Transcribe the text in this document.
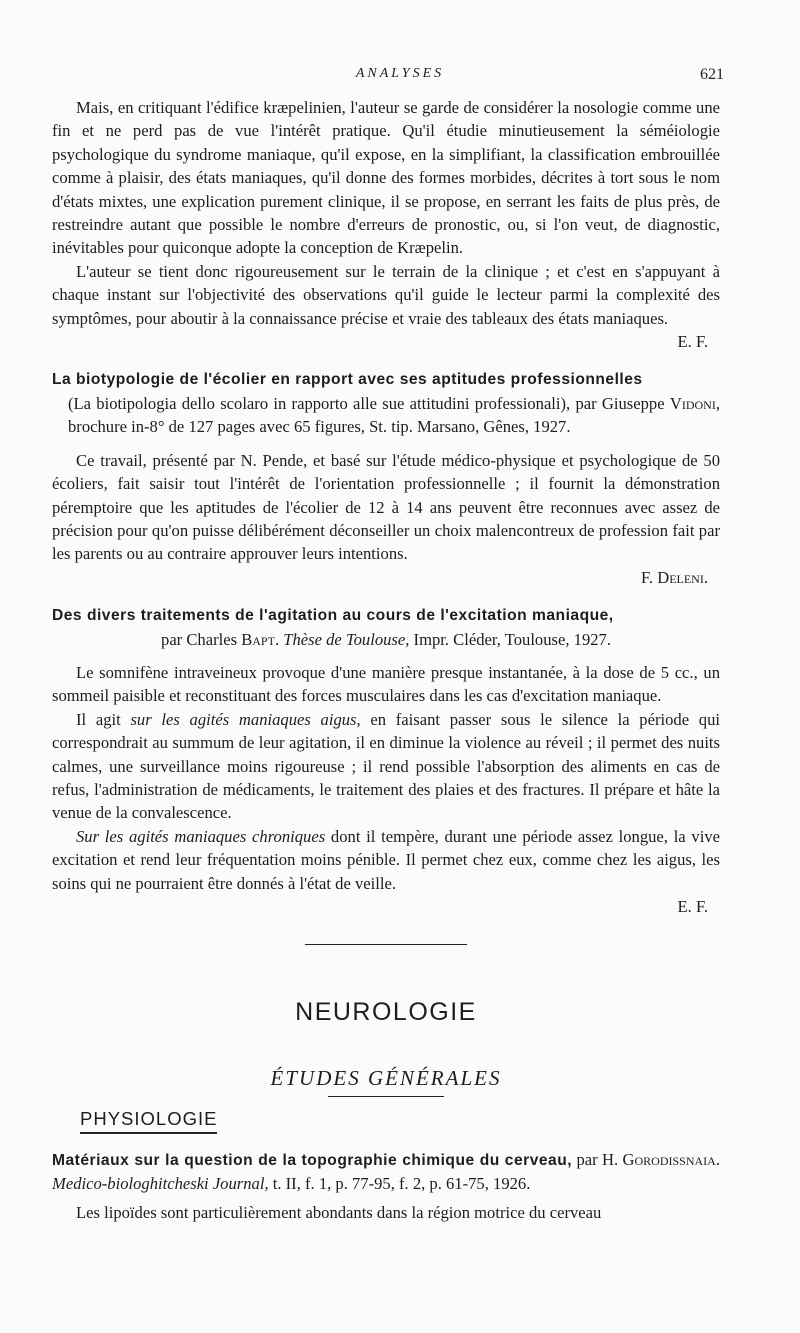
ANALYSES	621

Mais, en critiquant l'édifice kræpelinien, l'auteur se garde de considérer la nosologie comme une fin et ne perd pas de vue l'intérêt pratique. Qu'il étudie minutieusement la séméiologie psychologique du syndrome maniaque, qu'il expose, en la simplifiant, la classification embrouillée comme à plaisir, des états maniaques, qu'il donne des formes morbides, décrites à tort sous le nom d'états mixtes, une explication purement clinique, il se propose, en serrant les faits de plus près, de restreindre autant que possible le nombre d'erreurs de pronostic, ou, si l'on veut, de diagnostic, inévitables pour quiconque adopte la conception de Kræpelin.

L'auteur se tient donc rigoureusement sur le terrain de la clinique ; et c'est en s'appuyant à chaque instant sur l'objectivité des observations qu'il guide le lecteur parmi la complexité des symptômes, pour aboutir à la connaissance précise et vraie des tableaux des états maniaques.

E. F.

La biotypologie de l'écolier en rapport avec ses aptitudes professionnelles

(La biotipologia dello scolaro in rapporto alle sue attitudini professionali), par Giuseppe Vidoni, brochure in-8° de 127 pages avec 65 figures, St. tip. Marsano, Gênes, 1927.

Ce travail, présenté par N. Pende, et basé sur l'étude médico-physique et psychologique de 50 écoliers, fait saisir tout l'intérêt de l'orientation professionnelle ; il fournit la démonstration péremptoire que les aptitudes de l'écolier de 12 à 14 ans peuvent être reconnues avec assez de précision pour qu'on puisse délibérément déconseiller un choix malencontreux de profession fait par les parents ou au contraire approuver leurs intentions.

F. Deleni.

Des divers traitements de l'agitation au cours de l'excitation maniaque,

par Charles Bapt. Thèse de Toulouse, Impr. Cléder, Toulouse, 1927.

Le somnifène intraveineux provoque d'une manière presque instantanée, à la dose de 5 cc., un sommeil paisible et reconstituant des forces musculaires dans les cas d'excitation maniaque.

Il agit sur les agités maniaques aigus, en faisant passer sous le silence la période qui correspondrait au summum de leur agitation, il en diminue la violence au réveil ; il permet des nuits calmes, une surveillance moins rigoureuse ; il rend possible l'absorption des aliments en cas de refus, l'administration de médicaments, le traitement des plaies et des fractures. Il prépare et hâte la venue de la convalescence.

Sur les agités maniaques chroniques dont il tempère, durant une période assez longue, la vive excitation et rend leur fréquentation moins pénible. Il permet chez eux, comme chez les aigus, les soins qui ne pourraient être donnés à l'état de veille.

E. F.

NEUROLOGIE
ÉTUDES GÉNÉRALES
PHYSIOLOGIE

Matériaux sur la question de la topographie chimique du cerveau, par H. Gorodissnaia. Medico-biologhitcheski Journal, t. II, f. 1, p. 77-95, f. 2, p. 61-75, 1926.

Les lipoïdes sont particulièrement abondants dans la région motrice du cerveau
